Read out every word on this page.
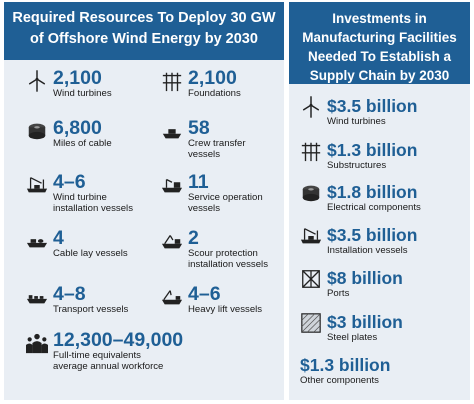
Required Resources To Deploy 30 GW
of Offshore Wind Energy by 2030
2,100
Wind turbines
2,100
Foundations
6,800
Miles of cable
58
Crew transfer
vessels
4–6
Wind turbine
installation vessels
11
Service operation
vessels
4
Cable lay vessels
2
Scour protection
installation vessels
4–8
Transport vessels
4–6
Heavy lift vessels
12,300–49,000
Full-time equivalents
average annual workforce
Investments in
Manufacturing Facilities
Needed To Establish a
Supply Chain by 2030
$3.5 billion
Wind turbines
$1.3 billion
Substructures
$1.8 billion
Electrical components
$3.5 billion
Installation vessels
$8 billion
Ports
$3 billion
Steel plates
$1.3 billion
Other components
